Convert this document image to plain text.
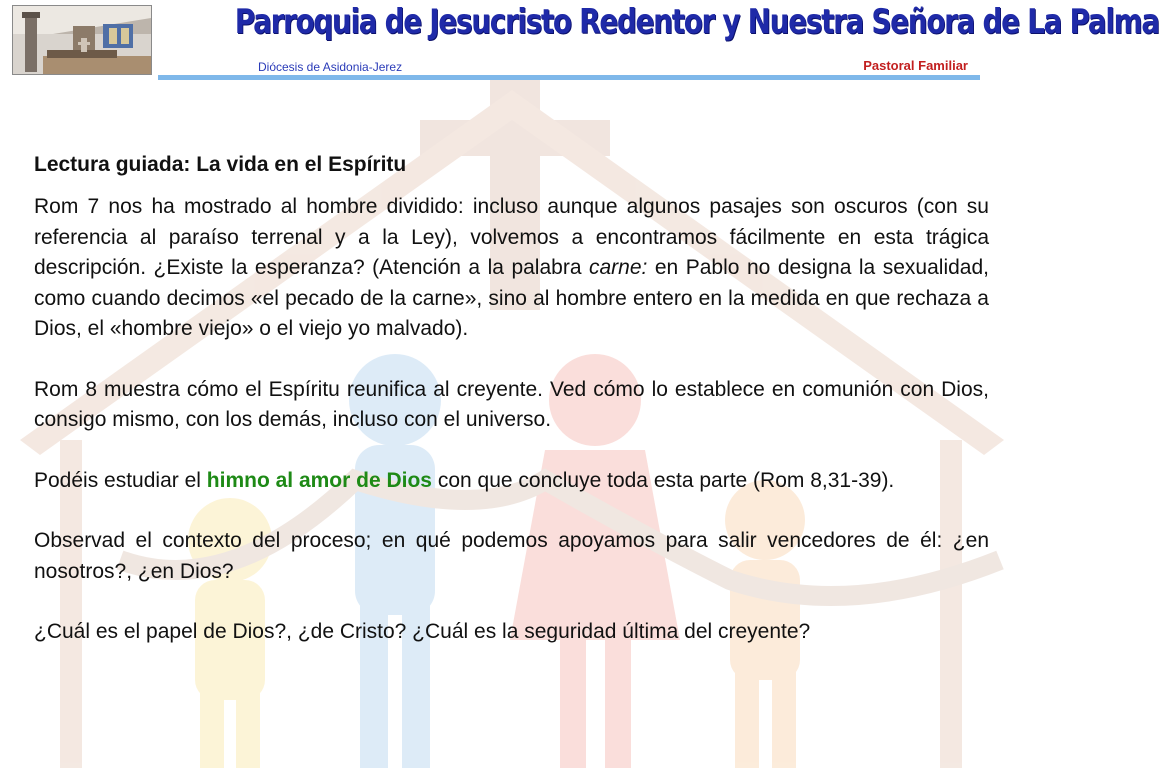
Parroquia de Jesucristo Redentor y Nuestra Señora de La Palma
Diócesis de Asidonia-Jerez	Pastoral Familiar
Lectura guiada: La vida en el Espíritu

Rom 7 nos ha mostrado al hombre dividido: incluso aunque algunos pasajes son oscuros (con su referencia al paraíso terrenal y a la Ley), volvemos a encontramos fácilmente en esta trágica descripción. ¿Existe la esperanza? (Atención a la palabra carne: en Pablo no designa la sexualidad, como cuando decimos «el pecado de la carne», sino al hombre entero en la medida en que rechaza a Dios, el «hombre viejo» o el viejo yo malvado).

Rom 8 muestra cómo el Espíritu reunifica al creyente. Ved cómo lo establece en comunión con Dios, consigo mismo, con los demás, incluso con el universo.

Podéis estudiar el himno al amor de Dios con que concluye toda esta parte (Rom 8,31-39).

Observad el contexto del proceso; en qué podemos apoyamos para salir vencedores de él: ¿en nosotros?, ¿en Dios?

¿Cuál es el papel de Dios?, ¿de Cristo? ¿Cuál es la seguridad última del creyente?
